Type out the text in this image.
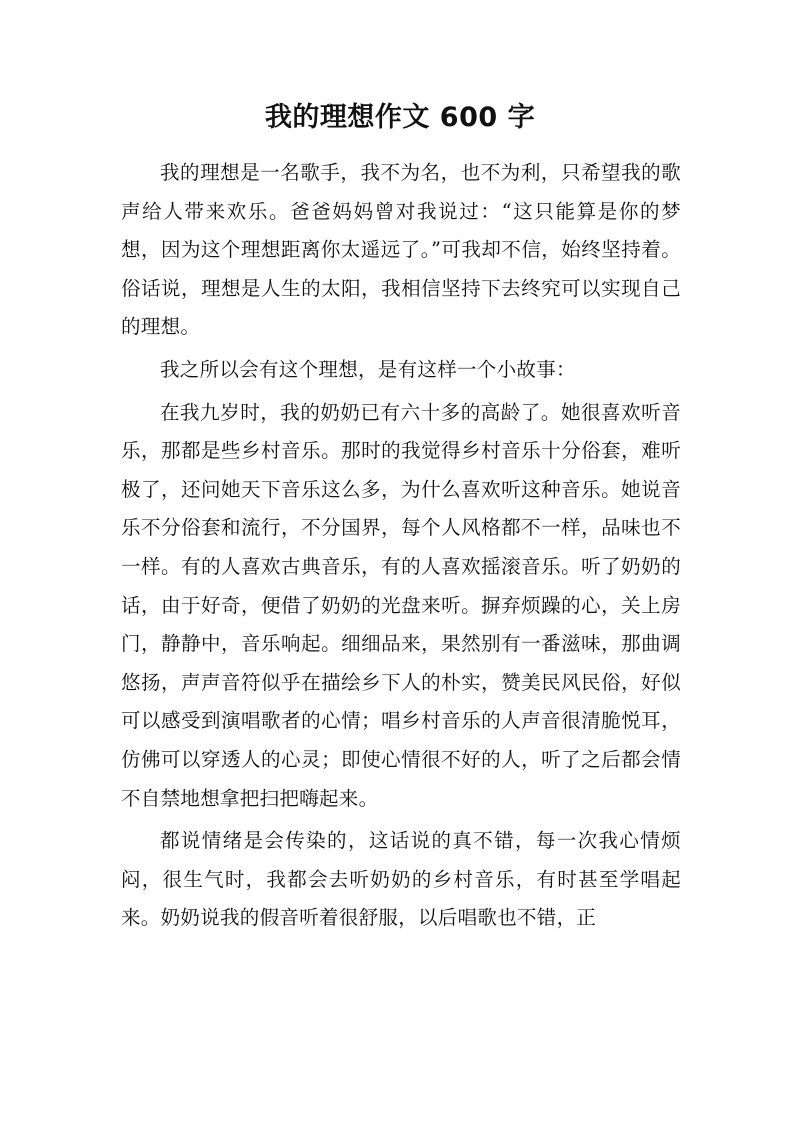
我的理想作文 600 字

我的理想是一名歌手，我不为名，也不为利，只希望我的歌声给人带来欢乐。爸爸妈妈曾对我说过：“这只能算是你的梦想，因为这个理想距离你太遥远了。”可我却不信，始终坚持着。俗话说，理想是人生的太阳，我相信坚持下去终究可以实现自己的理想。

我之所以会有这个理想，是有这样一个小故事：

在我九岁时，我的奶奶已有六十多的高龄了。她很喜欢听音乐，那都是些乡村音乐。那时的我觉得乡村音乐十分俗套，难听极了，还问她天下音乐这么多，为什么喜欢听这种音乐。她说音乐不分俗套和流行，不分国界，每个人风格都不一样，品味也不一样。有的人喜欢古典音乐，有的人喜欢摇滚音乐。听了奶奶的话，由于好奇，便借了奶奶的光盘来听。摒弃烦躁的心，关上房门，静静中，音乐响起。细细品来，果然别有一番滋味，那曲调悠扬，声声音符似乎在描绘乡下人的朴实，赞美民风民俗，好似可以感受到演唱歌者的心情；唱乡村音乐的人声音很清脆悦耳，仿佛可以穿透人的心灵；即使心情很不好的人，听了之后都会情不自禁地想拿把扫把嗨起来。

都说情绪是会传染的，这话说的真不错，每一次我心情烦闷，很生气时，我都会去听奶奶的乡村音乐，有时甚至学唱起来。奶奶说我的假音听着很舒服，以后唱歌也不错，正
